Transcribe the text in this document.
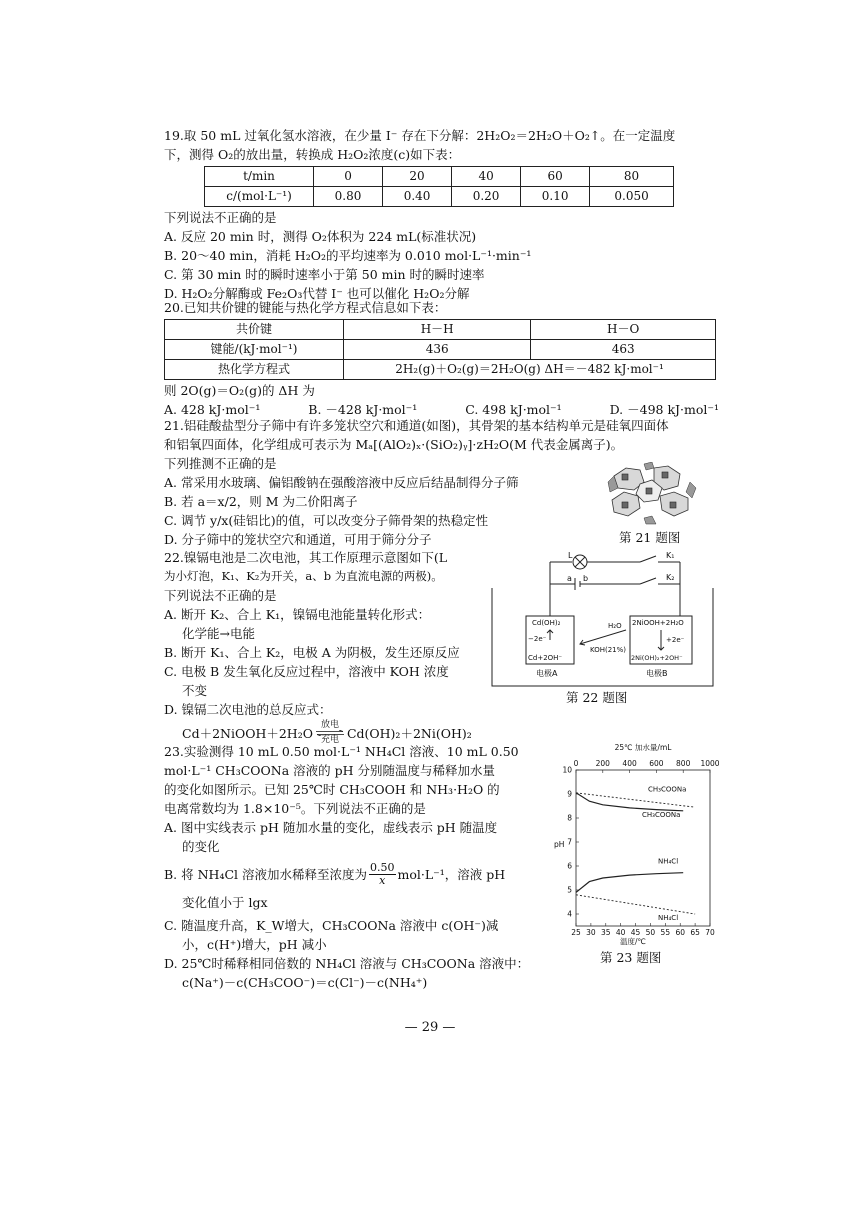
19.取 50 mL 过氧化氢水溶液，在少量 I⁻ 存在下分解：2H₂O₂＝2H₂O＋O₂↑。在一定温度
下，测得 O₂的放出量，转换成 H₂O₂浓度(c)如下表：
t/min	0	20	40	60	80
c/(mol·L⁻¹)	0.80	0.40	0.20	0.10	0.050
下列说法不正确的是
A. 反应 20 min 时，测得 O₂体积为 224 mL(标准状况)
B. 20～40 min，消耗 H₂O₂的平均速率为 0.010 mol·L⁻¹·min⁻¹
C. 第 30 min 时的瞬时速率小于第 50 min 时的瞬时速率
D. H₂O₂分解酶或 Fe₂O₃代替 I⁻ 也可以催化 H₂O₂分解
20.已知共价键的键能与热化学方程式信息如下表：
共价键	H－H	H－O
键能/(kJ·mol⁻¹)	436	463
热化学方程式	2H₂(g)＋O₂(g)＝2H₂O(g) ΔH＝－482 kJ·mol⁻¹	
则 2O(g)＝O₂(g)的 ΔH 为
A. 428 kJ·mol⁻¹	B. －428 kJ·mol⁻¹	C. 498 kJ·mol⁻¹	D. －498 kJ·mol⁻¹
21.铝硅酸盐型分子筛中有许多笼状空穴和通道(如图)，其骨架的基本结构单元是硅氧四面体
和铝氧四面体，化学组成可表示为 Mₐ[(AlO₂)ₓ·(SiO₂)ᵧ]·zH₂O(M 代表金属离子)。
下列推测不正确的是
A. 常采用水玻璃、偏铝酸钠在强酸溶液中反应后结晶制得分子筛
B. 若 a＝x/2，则 M 为二价阳离子
C. 调节 y/x(硅铝比)的值，可以改变分子筛骨架的热稳定性
D. 分子筛中的笼状空穴和通道，可用于筛分分子	第 21 题图
22.镍镉电池是二次电池，其工作原理示意图如下(L
为小灯泡，K₁、K₂为开关，a、b 为直流电源的两极)。
下列说法不正确的是
A. 断开 K₂、合上 K₁，镍镉电池能量转化形式：
化学能→电能
B. 断开 K₁、合上 K₂，电极 A 为阴极，发生还原反应
C. 电极 B 发生氧化反应过程中，溶液中 KOH 浓度
不变
D. 镍镉二次电池的总反应式：
Cd＋2NiOOH＋2H₂O
放电
充电 Cd(OH)₂＋2Ni(OH)₂
L	K₁
K₂
a b
Cd(OH)₂
−2e⁻
Cd+2OH⁻
H₂O
KOH(21%)
2NiOOH+2H₂O
+2e⁻
2Ni(OH)₂+2OH⁻
电极A	电极B
第 22 题图
23.实验测得 10 mL 0.50 mol·L⁻¹ NH₄Cl 溶液、10 mL 0.50
mol·L⁻¹ CH₃COONa 溶液的 pH 分别随温度与稀释加水量
的变化如图所示。已知 25℃时 CH₃COOH 和 NH₃·H₂O 的
电离常数均为 1.8×10⁻⁵。下列说法不正确的是
A. 图中实线表示 pH 随加水量的变化，虚线表示 pH 随温度
的变化
B. 将 NH₄Cl 溶液加水稀释至浓度为 $\frac{0.50}{x} mol\cdot L^{-1}$，溶液 pH
变化值小于 lgx
C. 随温度升高，K_W增大，CH₃COONa 溶液中 c(OH⁻)减
小，c(H⁺)增大，pH 减小
D. 25℃时稀释相同倍数的 NH₄Cl 溶液与 CH₃COONa 溶液中：
c(Na⁺)－c(CH₃COO⁻)＝c(Cl⁻)－c(NH₄⁺)
25℃ 加水量/mL
0 200 400 600 800 1000
25 30 35 40 45 50 55 60 65 70
温度/℃
4
5
6
7
8
9
10
pH
CH₃COONa
CH₃COONa
NH₄Cl
NH₄Cl
第 23 题图
— 29 —
